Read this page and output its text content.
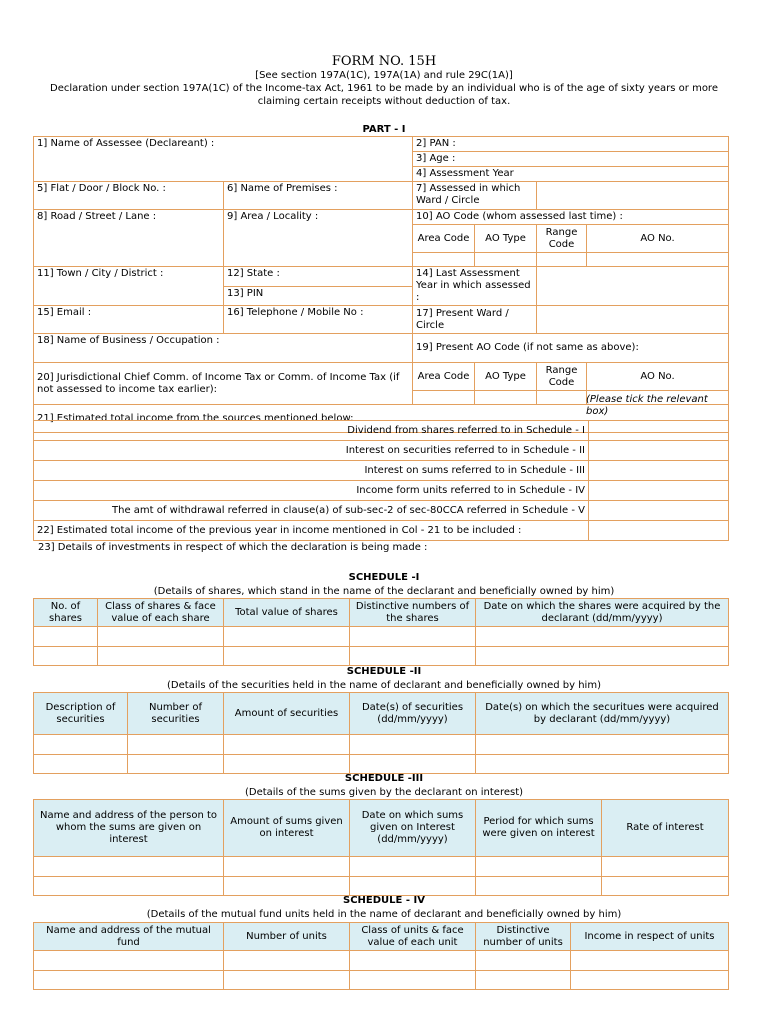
FORM NO. 15H
[See section 197A(1C), 197A(1A) and rule 29C(1A)]
Declaration under section 197A(1C) of the Income-tax Act, 1961 to be made by an individual who is of the age of sixty years or more claiming certain receipts without deduction of tax.
PART - I
1] Name of Assessee (Declareant) :		2] PAN :			
		3] Age :			
		4] Assessment Year			
5] Flat / Door / Block No. :	6] Name of Premises :	7] Assessed in which Ward / Circle			
8] Road / Street / Lane :	9] Area / Locality :	10] AO Code (whom assessed last time) :			
		Area Code	AO Type	Range Code	AO No.

11] Town / City / District :	12] State :	14] Last Assessment Year in which assessed :			
	13] PIN				
15] Email :	16] Telephone / Mobile No :	17] Present Ward / Circle			
18] Name of Business / Occupation :		19] Present AO Code (if not same as above):			
20] Jurisdictional Chief Comm. of Income Tax or Comm. of Income Tax (if not assessed to income tax earlier):		Area Code	AO Type	Range Code	AO No.

21] Estimated total income from the sources mentioned below:					
(Please tick the relevant box)
Dividend from shares referred to in Schedule - I	
Interest on securities referred to in Schedule - II	
Interest on sums referred to in Schedule - III	
Income form units referred to in Schedule - IV	
The amt of withdrawal referred in clause(a) of sub-sec-2 of sec-80CCA referred in Schedule - V	
22] Estimated total income of the previous year in income mentioned in Col - 21 to be included :	
23] Details of investments in respect of which the declaration is being made :
SCHEDULE -I
(Details of shares, which stand in the name of the declarant and beneficially owned by him)
No. of shares	Class of shares & face value of each share	Total value of shares	Distinctive numbers of the shares	Date on which the shares were acquired by the declarant (dd/mm/yyyy)

SCHEDULE -II
(Details of the securities held in the name of declarant and beneficially owned by him)
Description of securities	Number of securities	Amount of securities	Date(s) of securities (dd/mm/yyyy)	Date(s) on which the securitues were acquired by declarant (dd/mm/yyyy)

SCHEDULE -III
(Details of the sums given by the declarant on interest)
Name and address of the person to whom the sums are given on interest	Amount of sums given on interest	Date on which sums given on Interest (dd/mm/yyyy)	Period for which sums were given on interest	Rate of interest

SCHEDULE - IV
(Details of the mutual fund units held in the name of declarant and beneficially owned by him)
Name and address of the mutual fund	Number of units	Class of units & face value of each unit	Distinctive number of units	Income in respect of units
